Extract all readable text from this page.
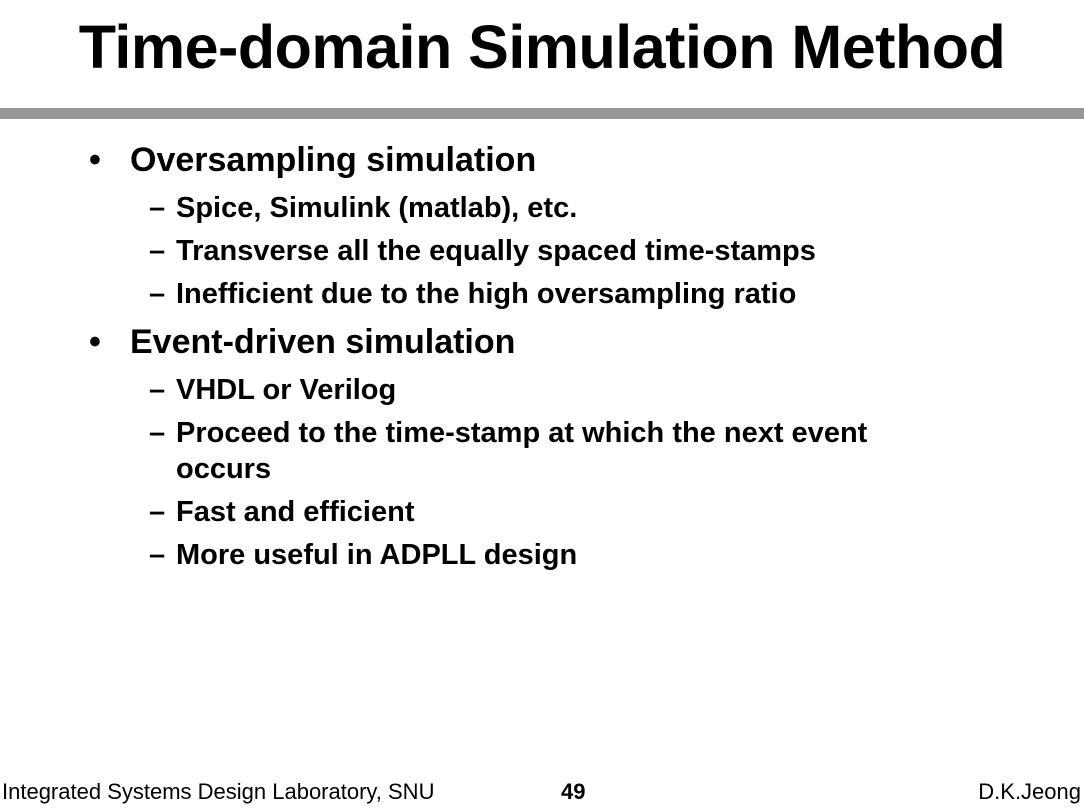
Time-domain Simulation Method
• Oversampling simulation
– Spice, Simulink (matlab), etc.
– Transverse all the equally spaced time-stamps
– Inefficient due to the high oversampling ratio
• Event-driven simulation
– VHDL or Verilog
– Proceed to the time-stamp at which the next event occurs
– Fast and efficient
– More useful in ADPLL design
Integrated Systems Design Laboratory, SNU	49	D.K.Jeong
